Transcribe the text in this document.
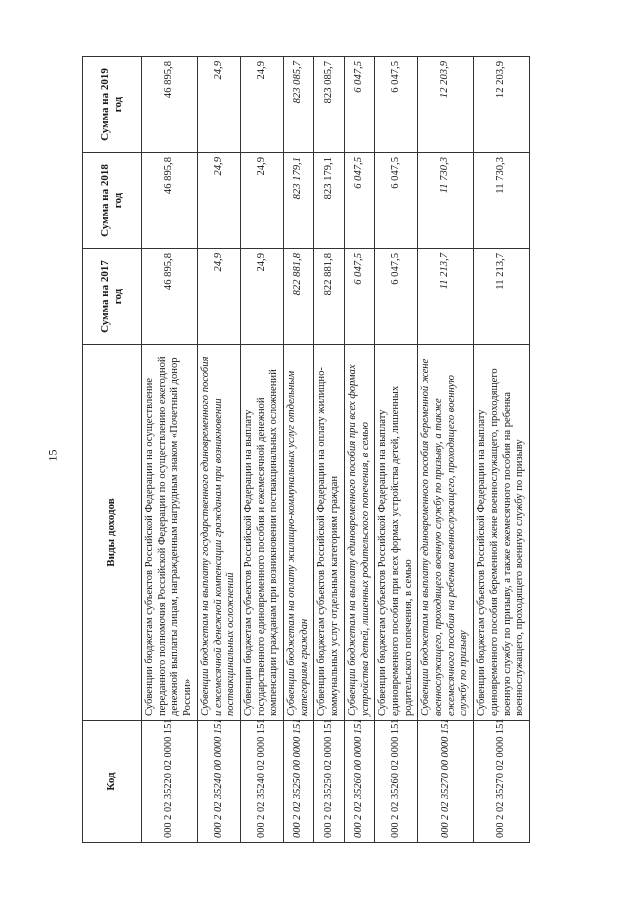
15
Код	Виды доходов	Сумма на 2017 год	Сумма на 2018 год	Сумма на 2019 год
000 2 02 35220 02 0000 151	Субвенции бюджетам субъектов Российской Федерации на осуществление переданного полномочия Российской Федерации по осуществлению ежегодной денежной выплаты лицам, награжденным нагрудным знаком «Почетный донор России»	46 895,8	46 895,8	46 895,8
000 2 02 35240 00 0000 151	Субвенции бюджетам на выплату государственного единовременного пособия и ежемесячной денежной компенсации гражданам при возникновении поствакцинальных осложнений	24,9	24,9	24,9
000 2 02 35240 02 0000 151	Субвенции бюджетам субъектов Российской Федерации на выплату государственного единовременного пособия и ежемесячной денежной компенсации гражданам при возникновении поствакцинальных осложнений	24,9	24,9	24,9
000 2 02 35250 00 0000 151	Субвенции бюджетам на оплату жилищно-коммунальных услуг отдельным категориям граждан	822 881,8	823 179,1	823 085,7
000 2 02 35250 02 0000 151	Субвенции бюджетам субъектов Российской Федерации на оплату жилищно-коммунальных услуг отдельным категориям граждан	822 881,8	823 179,1	823 085,7
000 2 02 35260 00 0000 151	Субвенции бюджетам на выплату единовременного пособия при всех формах устройства детей, лишенных родительского попечения, в семью	6 047,5	6 047,5	6 047,5
000 2 02 35260 02 0000 151	Субвенции бюджетам субъектов Российской Федерации на выплату единовременного пособия при всех формах устройства детей, лишенных родительского попечения, в семью	6 047,5	6 047,5	6 047,5
000 2 02 35270 00 0000 151	Субвенции бюджетам на выплату единовременного пособия беременной жене военнослужащего, проходящего военную службу по призыву, а также ежемесячного пособия на ребенка военнослужащего, проходящего военную службу по призыву	11 213,7	11 730,3	12 203,9
000 2 02 35270 02 0000 151	Субвенции бюджетам субъектов Российской Федерации на выплату единовременного пособия беременной жене военнослужащего, проходящего военную службу по призыву, а также ежемесячного пособия на ребенка военнослужащего, проходящего военную службу по призыву	11 213,7	11 730,3	12 203,9
